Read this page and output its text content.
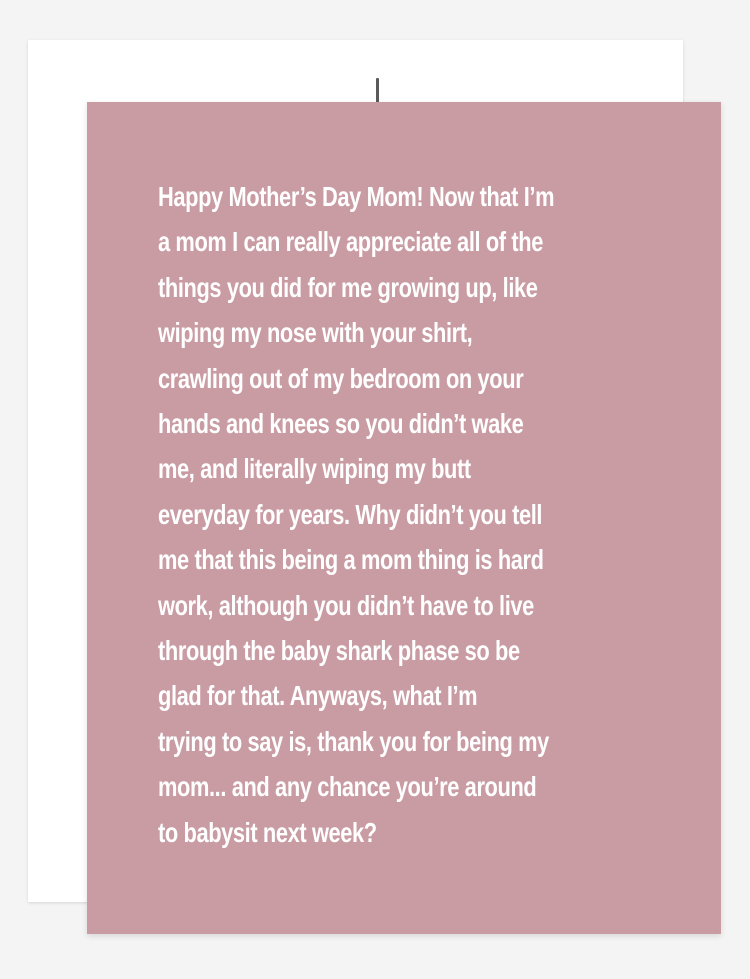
Happy Mother’s Day Mom! Now that I’m
a mom I can really appreciate all of the
things you did for me growing up, like
wiping my nose with your shirt,
crawling out of my bedroom on your
hands and knees so you didn’t wake
me, and literally wiping my butt
everyday for years. Why didn’t you tell
me that this being a mom thing is hard
work, although you didn’t have to live
through the baby shark phase so be
glad for that. Anyways, what I’m
trying to say is, thank you for being my
mom... and any chance you’re around
to babysit next week?
